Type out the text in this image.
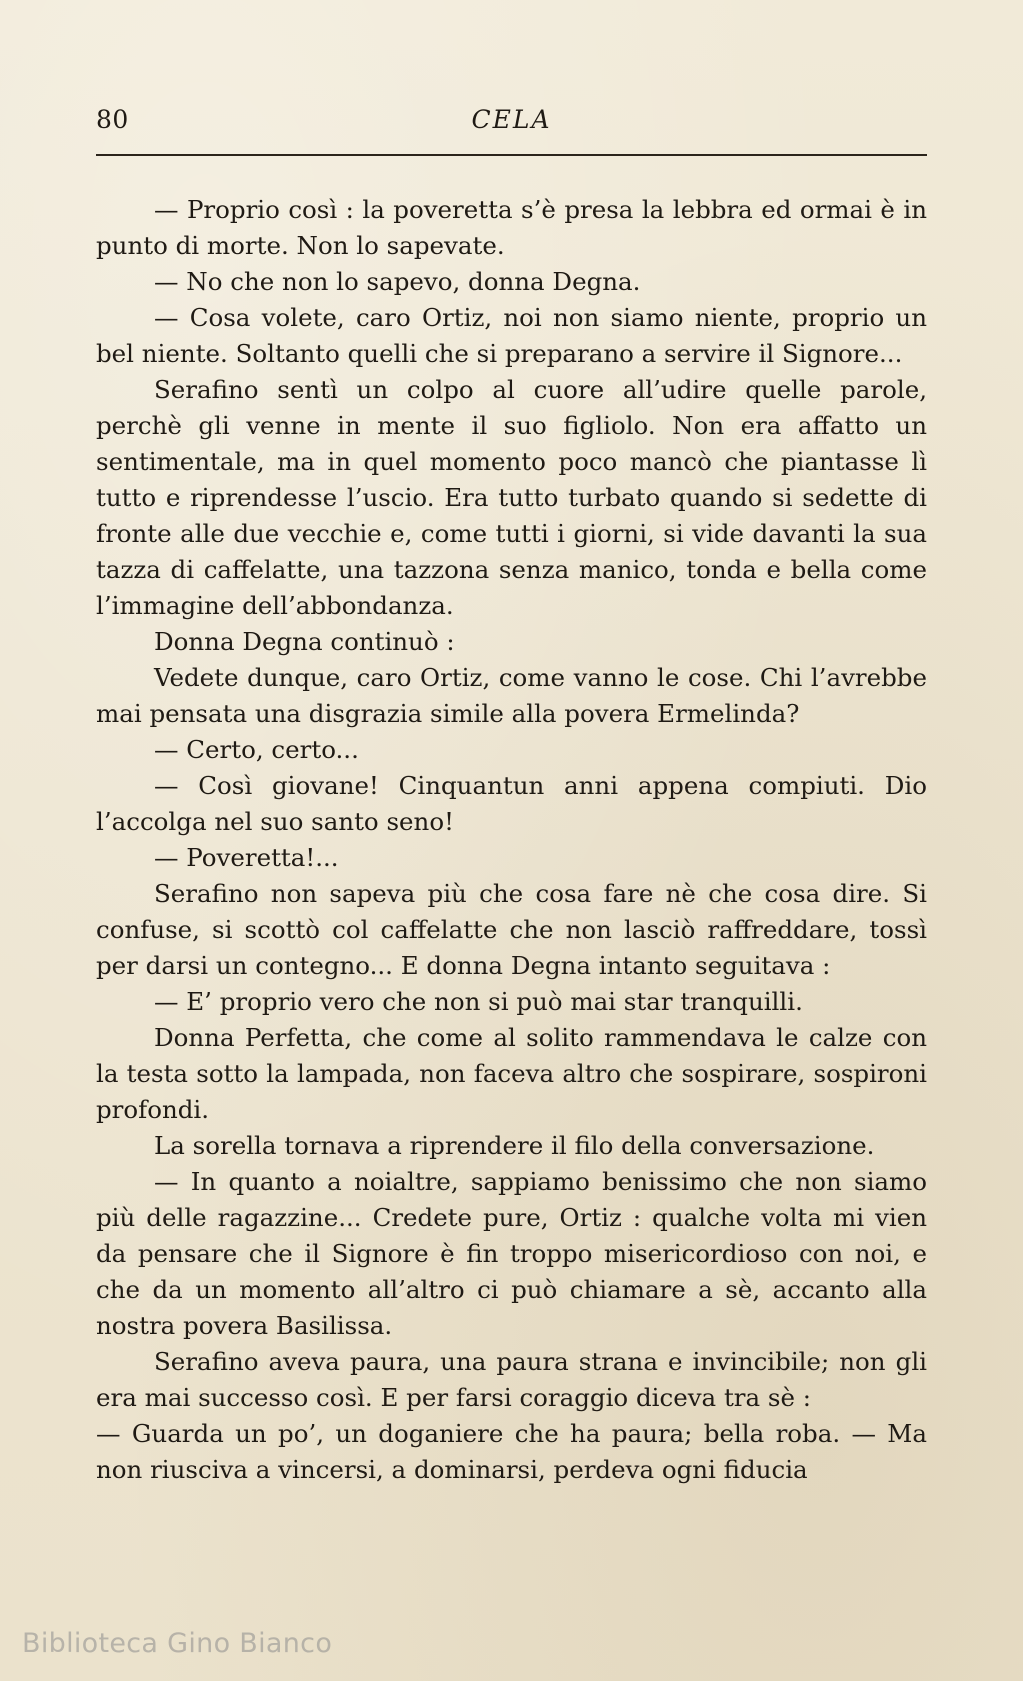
80	CELA

— Proprio così : la poveretta s’è presa la lebbra ed ormai è in punto di morte. Non lo sapevate.

— No che non lo sapevo, donna Degna.

— Cosa volete, caro Ortiz, noi non siamo niente, proprio un bel niente. Soltanto quelli che si preparano a servire il Signore...

Serafino sentì un colpo al cuore all’udire quelle parole, perchè gli venne in mente il suo figliolo. Non era affatto un sentimentale, ma in quel momento poco mancò che piantasse lì tutto e riprendesse l’uscio. Era tutto turbato quando si sedette di fronte alle due vecchie e, come tutti i giorni, si vide davanti la sua tazza di caffelatte, una tazzona senza manico, tonda e bella come l’immagine dell’abbondanza.

Donna Degna continuò :

Vedete dunque, caro Ortiz, come vanno le cose. Chi l’avrebbe mai pensata una disgrazia simile alla povera Ermelinda?

— Certo, certo...

— Così giovane! Cinquantun anni appena compiuti. Dio l’accolga nel suo santo seno!

— Poveretta!...

Serafino non sapeva più che cosa fare nè che cosa dire. Si confuse, si scottò col caffelatte che non lasciò raffreddare, tossì per darsi un contegno... E donna Degna intanto seguitava :

— E’ proprio vero che non si può mai star tranquilli.

Donna Perfetta, che come al solito rammendava le calze con la testa sotto la lampada, non faceva altro che sospirare, sospironi profondi.

La sorella tornava a riprendere il filo della conversazione.

— In quanto a noialtre, sappiamo benissimo che non siamo più delle ragazzine... Credete pure, Ortiz : qualche volta mi vien da pensare che il Signore è fin troppo misericordioso con noi, e che da un momento all’altro ci può chiamare a sè, accanto alla nostra povera Basilissa.

Serafino aveva paura, una paura strana e invincibile; non gli era mai successo così. E per farsi coraggio diceva tra sè :

— Guarda un po’, un doganiere che ha paura; bella roba. — Ma non riusciva a vincersi, a dominarsi, perdeva ogni fiducia

Biblioteca Gino Bianco
